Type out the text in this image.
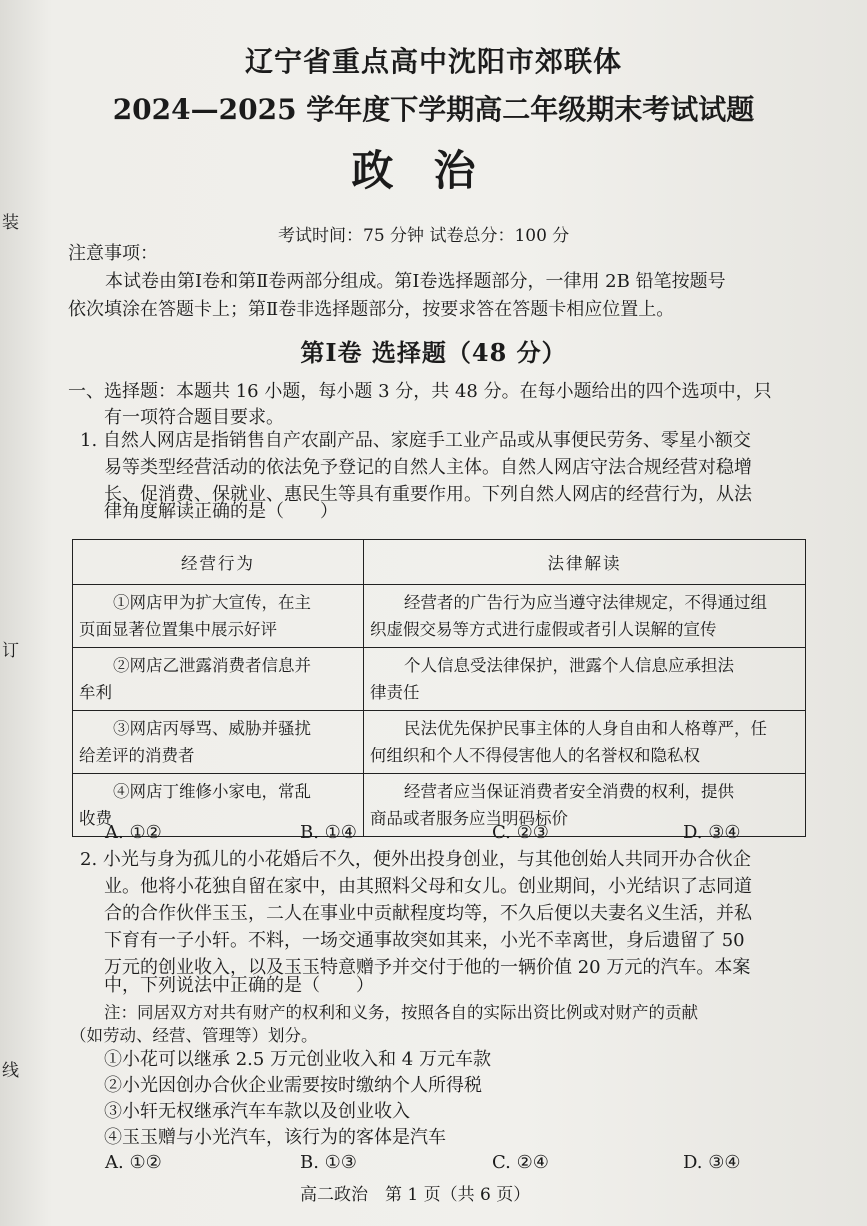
装
订
线
辽宁省重点高中沈阳市郊联体
2024—2025 学年度下学期高二年级期末考试试题
政治
考试时间：75 分钟 试卷总分：100 分
注意事项：
本试卷由第Ⅰ卷和第Ⅱ卷两部分组成。第Ⅰ卷选择题部分，一律用 2B 铅笔按题号
依次填涂在答题卡上；第Ⅱ卷非选择题部分，按要求答在答题卡相应位置上。
第Ⅰ卷 选择题（48 分）
一、选择题：本题共 16 小题，每小题 3 分，共 48 分。在每小题给出的四个选项中，只
有一项符合题目要求。
1. 自然人网店是指销售自产农副产品、家庭手工业产品或从事便民劳务、零星小额交
易等类型经营活动的依法免予登记的自然人主体。自然人网店守法合规经营对稳增
长、促消费、保就业、惠民生等具有重要作用。下列自然人网店的经营行为，从法
律角度解读正确的是（　　）
经营行为	法律解读
①网店甲为扩大宣传，在主
页面显著位置集中展示好评	经营者的广告行为应当遵守法律规定，不得通过组
织虚假交易等方式进行虚假或者引人误解的宣传
②网店乙泄露消费者信息并
牟利	个人信息受法律保护，泄露个人信息应承担法
律责任
③网店丙辱骂、威胁并骚扰
给差评的消费者	民法优先保护民事主体的人身自由和人格尊严，任
何组织和个人不得侵害他人的名誉权和隐私权
④网店丁维修小家电，常乱
收费	经营者应当保证消费者安全消费的权利，提供
商品或者服务应当明码标价
A. ①②	B. ①④	C. ②③	D. ③④
2. 小光与身为孤儿的小花婚后不久，便外出投身创业，与其他创始人共同开办合伙企
业。他将小花独自留在家中，由其照料父母和女儿。创业期间，小光结识了志同道
合的合作伙伴玉玉，二人在事业中贡献程度均等，不久后便以夫妻名义生活，并私
下育有一子小轩。不料，一场交通事故突如其来，小光不幸离世，身后遗留了 50
万元的创业收入，以及玉玉特意赠予并交付于他的一辆价值 20 万元的汽车。本案
中，下列说法中正确的是（　　）
注：同居双方对共有财产的权利和义务，按照各自的实际出资比例或对财产的贡献
（如劳动、经营、管理等）划分。
①小花可以继承 2.5 万元创业收入和 4 万元车款
②小光因创办合伙企业需要按时缴纳个人所得税
③小轩无权继承汽车车款以及创业收入
④玉玉赠与小光汽车，该行为的客体是汽车
A. ①②	B. ①③	C. ②④	D. ③④
高二政治　第 1 页（共 6 页）
